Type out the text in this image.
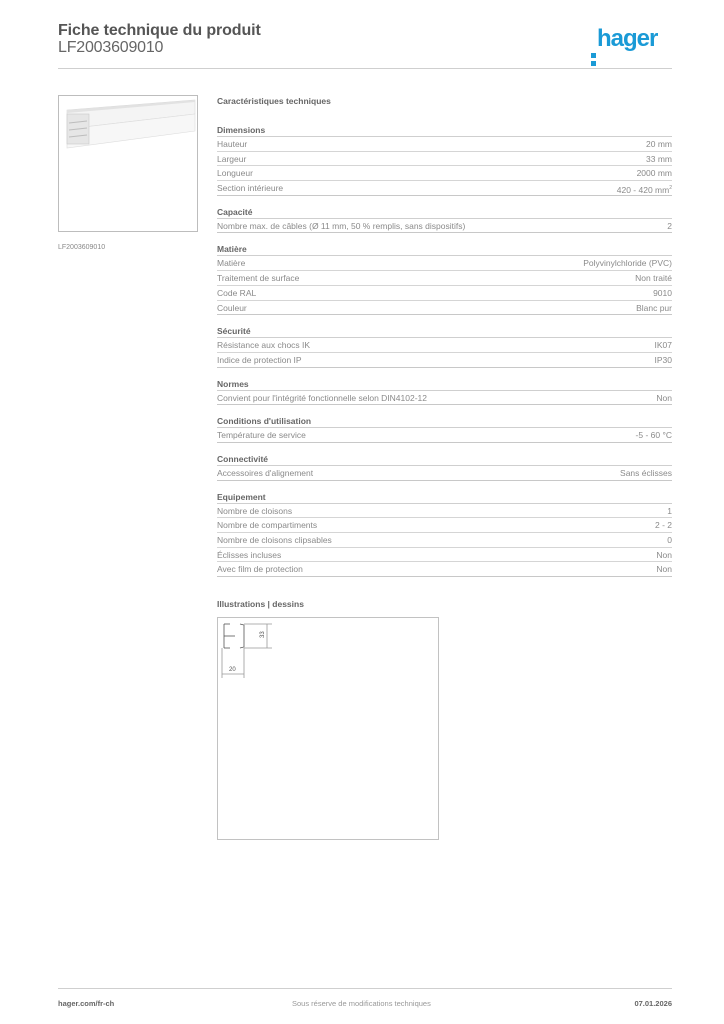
Fiche technique du produit
LF2003609010	hager
LF2003609010
Caractéristiques techniques
Dimensions
Hauteur	20 mm
Largeur	33 mm
Longueur	2000 mm
Section intérieure	420 - 420 $mm^2$
Capacité
Nombre max. de câbles (Ø 11 mm, 50 % remplis, sans dispositifs)	2
Matière
Matière	Polyvinylchloride (PVC)
Traitement de surface	Non traité
Code RAL	9010
Couleur	Blanc pur
Sécurité
Résistance aux chocs IK	IK07
Indice de protection IP	IP30
Normes
Convient pour l'intégrité fonctionnelle selon DIN4102-12	Non
Conditions d'utilisation
Température de service	-5 - 60 °C
Connectivité
Accessoires d'alignement	Sans éclisses
Equipement
Nombre de cloisons	1
Nombre de compartiments	2 - 2
Nombre de cloisons clipsables	0
Éclisses incluses	Non
Avec film de protection	Non
Illustrations | dessins
20
33
hager.com/fr-ch	Sous réserve de modifications techniques	07.01.2026
